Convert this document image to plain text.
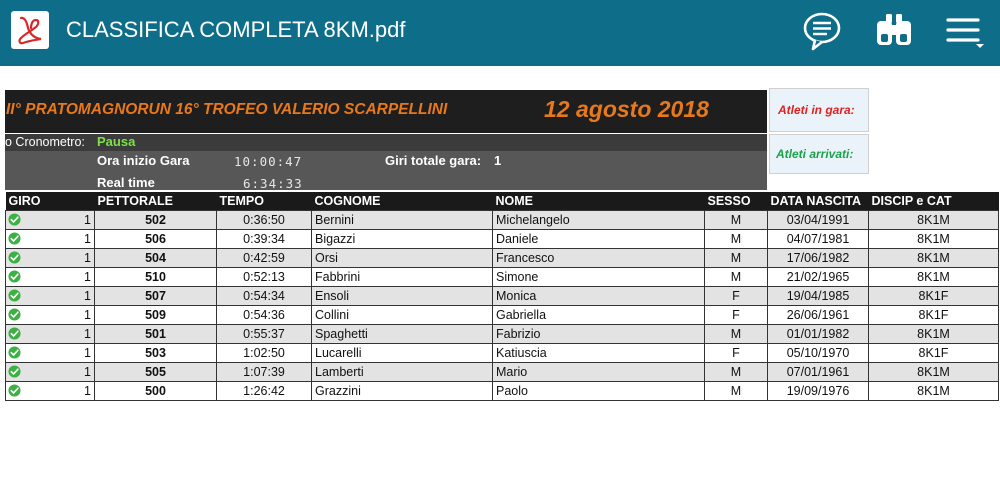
CLASSIFICA COMPLETA 8KM.pdf
II° PRATOMAGNORUN 16° TROFEO VALERIO SCARPELLINI	12 agosto 2018
o Cronometro: Pausa
Ora inizio Gara	10:00:47	Giri totale gara: 1
Real time	6:34:33
Atleti in gara:
Atleti arrivati:
GIRO	PETTORALE	TEMPO	COGNOME	NOME	SESSO	DATA NASCITA	DISCIP e CAT

1	502	0:36:50	Bernini	Michelangelo	M	03/04/1991	8K1M

1	506	0:39:34	Bigazzi	Daniele	M	04/07/1981	8K1M

1	504	0:42:59	Orsi	Francesco	M	17/06/1982	8K1M

1	510	0:52:13	Fabbrini	Simone	M	21/02/1965	8K1M

1	507	0:54:34	Ensoli	Monica	F	19/04/1985	8K1F

1	509	0:54:36	Collini	Gabriella	F	26/06/1961	8K1F

1	501	0:55:37	Spaghetti	Fabrizio	M	01/01/1982	8K1M

1	503	1:02:50	Lucarelli	Katiuscia	F	05/10/1970	8K1F

1	505	1:07:39	Lamberti	Mario	M	07/01/1961	8K1M

1	500	1:26:42	Grazzini	Paolo	M	19/09/1976	8K1M
